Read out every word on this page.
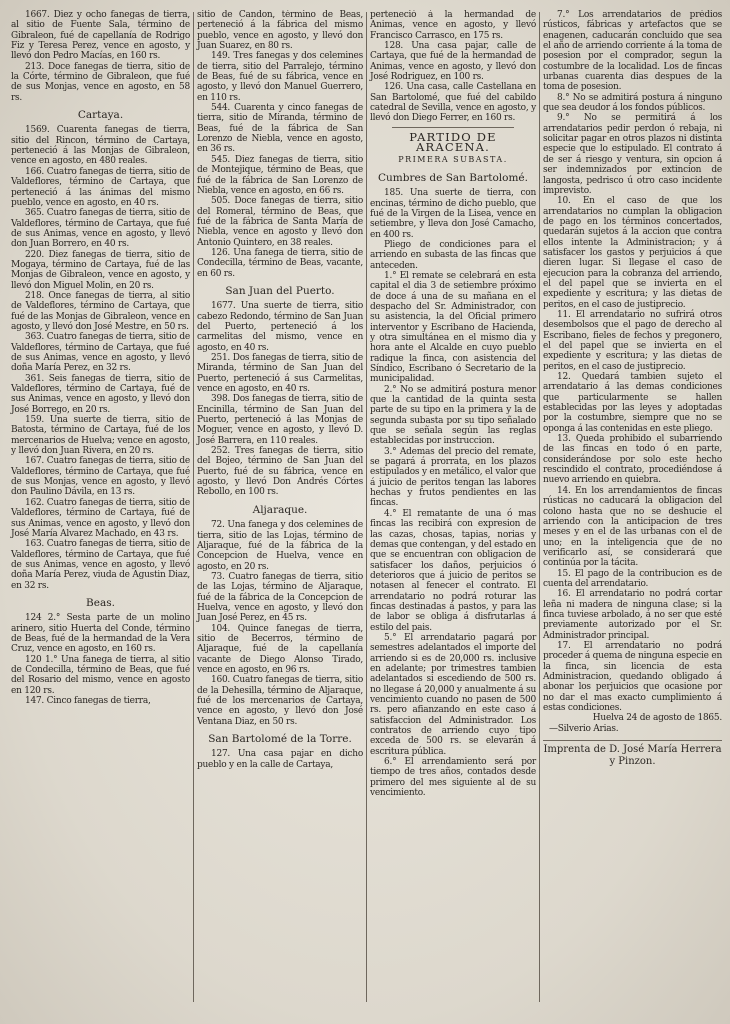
1667. Diez y ocho fanegas de tierra, al sitio de Fuente Sala, término de Gibraleon, fué de capellanía de Rodrigo Fiz y Teresa Perez, vence en agosto, y llevó don Pedro Macías, en 160 rs.

213. Doce fanegas de tierra, sitio de la Córte, término de Gibraleon, que fué de sus Monjas, vence en agosto, en 58 rs.

Cartaya.

1569. Cuarenta fanegas de tierra, sitio del Rincon, término de Cartaya, perteneció á las Monjas de Gibraleon, vence en agosto, en 480 reales.

166. Cuatro fanegas de tierra, sitio de Valdeflores, término de Cartaya, que perteneció á las ánimas del mismo pueblo, vence en agosto, en 40 rs.

365. Cuatro fanegas de tierra, sitio de Valdeflores, término de Cartaya, que fué de sus Animas, vence en agosto, y llevó don Juan Borrero, en 40 rs.

220. Diez fanegas de tierra, sitio de Mogaya, término de Cartaya, fué de las Monjas de Gibraleon, vence en agosto, y llevó don Miguel Molin, en 20 rs.

218. Once fanegas de tierra, al sitio de Valdeflores, término de Cartaya, que fué de las Monjas de Gibraleon, vence en agosto, y llevó don José Mestre, en 50 rs.

363. Cuatro fanegas de tierra, sitio de Valdeflores, término de Cartaya, que fué de sus Animas, vence en agosto, y llevó doña María Perez, en 32 rs.

361. Seis fanegas de tierra, sitio de Valdeflores, término de Cartaya, fué de sus Animas, vence en agosto, y llevó don José Borrego, en 20 rs.

159. Una suerte de tierra, sitio de Batosta, término de Cartaya, fué de los mercenarios de Huelva; vence en agosto, y llevó don Juan Rivera, en 20 rs.

167. Cuatro fanegas de tierra, sitio de Valdeflores, término de Cartaya, que fué de sus Monjas, vence en agosto, y llevó don Paulino Dávila, en 13 rs.

162. Cuatro fanegas de tierra, sitio de Valdeflores, término de Cartaya, fué de sus Animas, vence en agosto, y llevó don José María Alvarez Machado, en 43 rs.

163. Cuatro fanegas de tierra, sitio de Valdeflores, término de Cartaya, que fué de sus Animas, vence en agosto, y llevó doña María Perez, viuda de Agustin Diaz, en 32 rs.

Beas.

124 2.° Sesta parte de un molino arinero, sitio Huerta del Conde, término de Beas, fué de la hermandad de la Vera Cruz, vence en agosto, en 160 rs.

120 1.° Una fanega de tierra, al sitio de Condecilla, término de Beas, que fué del Rosario del mismo, vence en agosto en 120 rs.

147. Cinco fanegas de tierra,

sitio de Candon, término de Beas, perteneció á la fábrica del mismo pueblo, vence en agosto, y llevó don Juan Suarez, en 80 rs.

149. Tres fanegas y dos celemines de tierra, sitio del Parralejo, término de Beas, fué de su fábrica, vence en agosto, y llevó don Manuel Guerrero, en 110 rs.

544. Cuarenta y cinco fanegas de tierra, sitio de Miranda, término de Beas, fué de la fábrica de San Lorenzo de Niebla, vence en agosto, en 36 rs.

545. Diez fanegas de tierra, sitio de Montejique, término de Beas, que fué de la fábrica de San Lorenzo de Niebla, vence en agosto, en 66 rs.

505. Doce fanegas de tierra, sitio del Romeral, término de Beas, que fué de la fábrica de Santa María de Niebla, vence en agosto y llevó don Antonio Quintero, en 38 reales.

126. Una fanega de tierra, sitio de Condecilla, término de Beas, vacante, en 60 rs.

San Juan del Puerto.

1677. Una suerte de tierra, sitio cabezo Redondo, término de San Juan del Puerto, perteneció á los carmelitas del mismo, vence en agosto, en 40 rs.

251. Dos fanegas de tierra, sitio de Miranda, término de San Juan del Puerto, perteneció á sus Carmelitas, vence en agosto, en 40 rs.

398. Dos fanegas de tierra, sitio de Encinilla, término de San Juan del Puerto, perteneció á las Monjas de Moguer, vence en agosto, y llevó D. José Barrera, en 110 reales.

252. Tres fanegas de tierra, sitio del Bojeo, término de San Juan del Puerto, fué de su fábrica, vence en agosto, y llevó Don Andrés Córtes Rebollo, en 100 rs.

Aljaraque.

72. Una fanega y dos celemines de tierra, sitio de las Lojas, término de Aljaraque, fué de la fábrica de la Concepcion de Huelva, vence en agosto, en 20 rs.

73. Cuatro fanegas de tierra, sitio de las Lojas, término de Aljaraque, fué de la fábrica de la Concepcion de Huelva, vence en agosto, y llevó don Juan José Perez, en 45 rs.

104. Quince fanegas de tierra, sitio de Becerros, término de Aljaraque, fué de la capellanía vacante de Diego Alonso Tirado, vence en agosto, en 96 rs.

160. Cuatro fanegas de tierra, sitio de la Dehesilla, término de Aljaraque, fué de los mercenarios de Cartaya, vence en agosto, y llevó don José Ventana Diaz, en 50 rs.

San Bartolomé de la Torre.

127. Una casa pajar en dicho pueblo y en la calle de Cartaya,

perteneció á la hermandad de Animas, vence en agosto, y llevó Francisco Carrasco, en 175 rs.

128. Una casa pajar, calle de Cartaya, que fué de la hermandad de Animas, vence en agosto, y llevó don José Rodriguez, en 100 rs.

126. Una casa, calle Castellana en San Bartolomé, que fué del cabildo catedral de Sevilla, vence en agosto, y llevó don Diego Ferrer, en 160 rs.

PARTIDO DE ARACENA.

PRIMERA SUBASTA.

Cumbres de San Bartolomé.

185. Una suerte de tierra, con encinas, término de dicho pueblo, que fué de la Virgen de la Lisea, vence en setiembre, y lleva don José Camacho, en 400 rs.

Pliego de condiciones para el arriendo en subasta de las fincas que anteceden.

1.° El remate se celebrará en esta capital el dia 3 de setiembre próximo de doce á una de su mañana en el despacho del Sr. Administrador, con su asistencia, la del Oficial primero interventor y Escribano de Hacienda, y otra simultánea en el mismo dia y hora ante el Alcalde en cuyo pueblo radique la finca, con asistencia del Síndico, Escribano ó Secretario de la municipalidad.

2.° No se admitirá postura menor que la cantidad de la quinta sesta parte de su tipo en la primera y la de segunda subasta por su tipo señalado que se señala según las reglas establecidas por instruccion.

3.° Ademas del precio del remate, se pagará á prorrata, en los plazos estipulados y en metálico, el valor que á juicio de peritos tengan las labores hechas y frutos pendientes en las fincas.

4.° El rematante de una ó mas fincas las recibirá con expresion de las cazas, chosas, tapias, norias y demas que contengan, y del estado en que se encuentran con obligacion de satisfacer los daños, perjuicios ó deterioros que á juicio de peritos se notasen al fenecer el contrato. El arrendatario no podrá roturar las fincas destinadas á pastos, y para las de labor se obliga á disfrutarlas á estilo del pais.

5.° El arrendatario pagará por semestres adelantados el importe del arriendo si es de 20,000 rs. inclusive en adelante; por trimestres tambien adelantados si escediendo de 500 rs. no llegase á 20,000 y anualmente á su vencimiento cuando no pasen de 500 rs. pero afianzando en este caso á satisfaccion del Administrador. Los contratos de arriendo cuyo tipo exceda de 500 rs. se elevarán á escritura pública.

6.° El arrendamiento será por tiempo de tres años, contados desde primero del mes siguiente al de su vencimiento.

7.° Los arrendatarios de prédios rústicos, fábricas y artefactos que se enagenen, caducarán concluido que sea el año de arriendo corriente á la toma de posesion por el comprador, segun la costumbre de la localidad. Los de fincas urbanas cuarenta dias despues de la toma de posesion.

8.° No se admitirá postura á ninguno que sea deudor á los fondos públicos.

9.° No se permitirá á los arrendatarios pedir perdon ó rebaja, ni solicitar pagar en otros plazos ni distinta especie que lo estipulado. El contrato á de ser á riesgo y ventura, sin opcion á ser indemnizados por extincion de langosta, pedrisco ú otro caso incidente imprevisto.

10. En el caso de que los arrendatarios no cumplan la obligacion de pago en los términos concertados, quedarán sujetos á la accion que contra ellos intente la Administracion; y á satisfacer los gastos y perjuicios á que dieren lugar. Si llegase el caso de ejecucion para la cobranza del arriendo, el del papel que se invierta en el expediente y escritura; y las dietas de peritos, en el caso de justiprecio.

11. El arrendatario no sufrirá otros desembolsos que el pago de derecho al Escribano, fieles de fechos y pregonero, el del papel que se invierta en el expediente y escritura; y las dietas de peritos, en el caso de justiprecio.

12. Quedará tambien sujeto el arrendatario á las demas condiciones que particularmente se hallen establecidas por las leyes y adoptadas por la costumbre, siempre que no se oponga á las contenidas en este pliego.

13. Queda prohibido el subarriendo de las fincas en todo ó en parte, considerándose por solo este hecho rescindido el contrato, procediéndose á nuevo arriendo en quiebra.

14. En los arrendamientos de fincas rústicas no caducará la obligacion del colono hasta que no se deshucie el arriendo con la anticipacion de tres meses y en el de las urbanas con el de uno; en la inteligencia que de no verificarlo así, se considerará que continúa por la tácita.

15. El pago de la contribucion es de cuenta del arrendatario.

16. El arrendatario no podrá cortar leña ni madera de ninguna clase; si la finca tuviese arbolado, á no ser que esté previamente autorizado por el Sr. Administrador principal.

17. El arrendatario no podrá proceder á quema de ninguna especie en la finca, sin licencia de esta Administracion, quedando obligado á abonar los perjuicios que ocasione por no dar el mas exacto cumplimiento á estas condiciones.

Huelva 24 de agosto de 1865.

—Silverio Arias.

Imprenta de D. José María Herrera y Pinzon.
